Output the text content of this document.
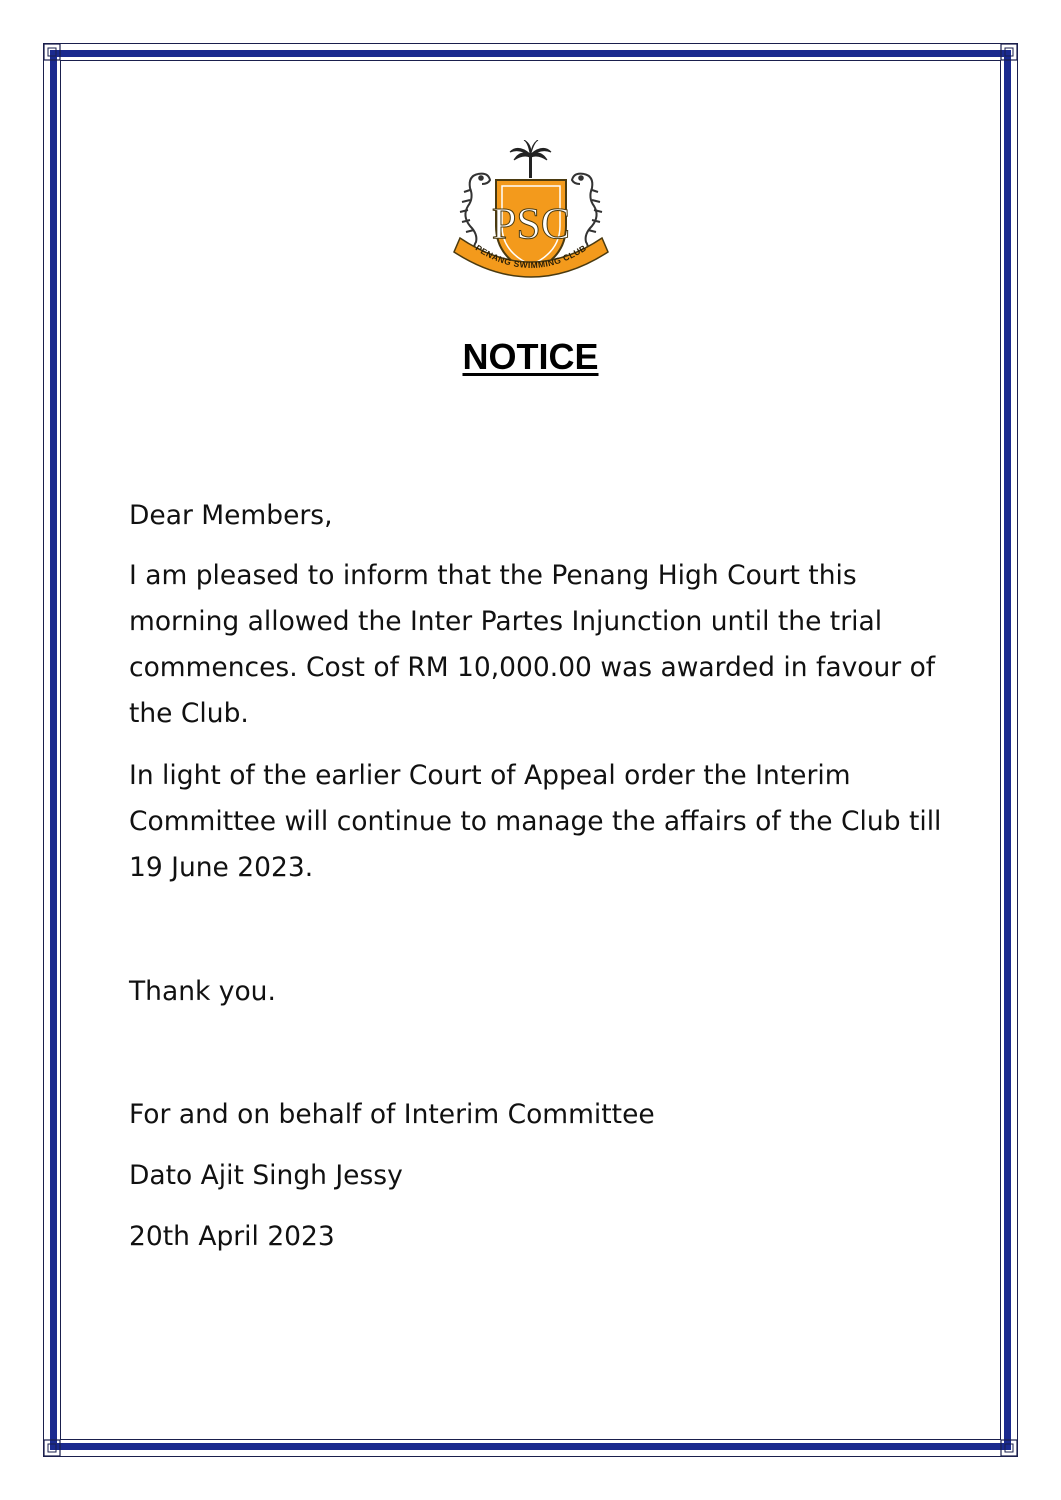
PSC
PENANG SWIMMING CLUB
NOTICE

Dear Members,

I am pleased to inform that the Penang High Court this morning allowed the Inter Partes Injunction until the trial commences. Cost of RM 10,000.00 was awarded in favour of the Club.

In light of the earlier Court of Appeal order the Interim Committee will continue to manage the affairs of the Club till 19 June 2023.

Thank you.

For and on behalf of Interim Committee

Dato Ajit Singh Jessy

20th April 2023
